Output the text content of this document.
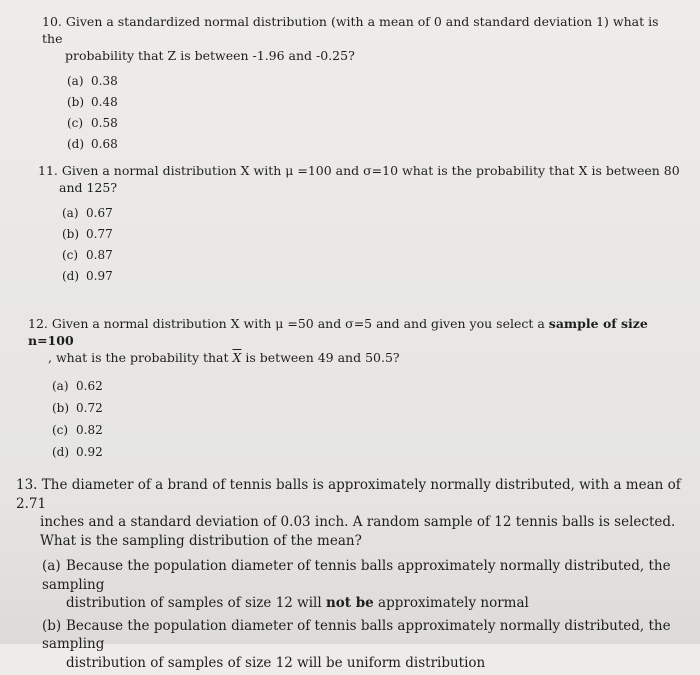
10. Given a standardized normal distribution (with a mean of 0 and standard deviation 1) what is the
probability that Z is between -1.96 and -0.25?
(a) 0.38
(b) 0.48
(c) 0.58
(d) 0.68
11. Given a normal distribution X with μ =100 and σ=10 what is the probability that X is between 80
and 125?
(a) 0.67
(b) 0.77
(c) 0.87
(d) 0.97
12. Given a normal distribution X with μ =50 and σ=5 and and given you select a sample of size n=100
, what is the probability that $\overline{X}$ is between 49 and 50.5?
(a) 0.62
(b) 0.72
(c) 0.82
(d) 0.92
13. The diameter of a brand of tennis balls is approximately normally distributed, with a mean of 2.71
inches and a standard deviation of 0.03 inch. A random sample of 12 tennis balls is selected.
What is the sampling distribution of the mean?
(a) Because the population diameter of tennis balls approximately normally distributed, the sampling
distribution of samples of size 12 will not be approximately normal
(b) Because the population diameter of tennis balls approximately normally distributed, the sampling
distribution of samples of size 12 will be uniform distribution
